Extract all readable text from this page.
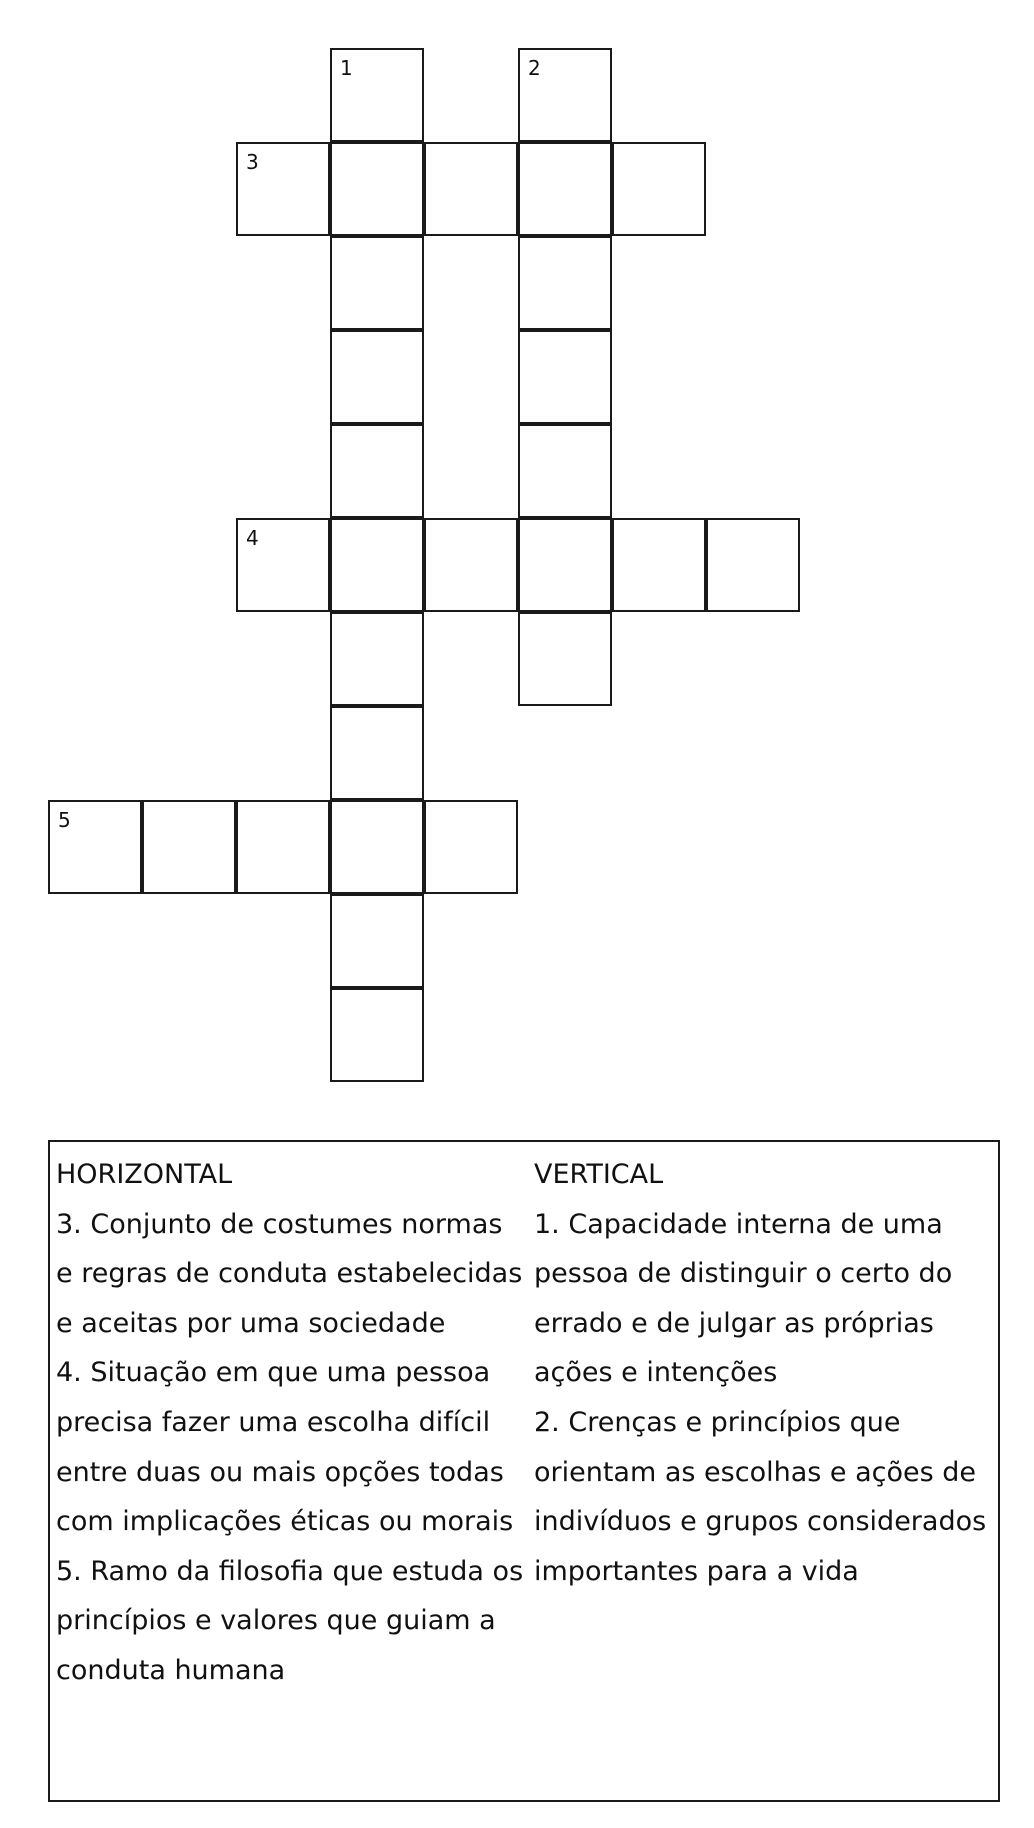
1	2
3
4
5
HORIZONTAL

3. Conjunto de costumes normas e regras de conduta estabelecidas e aceitas por uma sociedade

4. Situação em que uma pessoa precisa fazer uma escolha difícil entre duas ou mais opções todas com implicações éticas ou morais

5. Ramo da filosofia que estuda os princípios e valores que guiam a conduta humana

VERTICAL

1. Capacidade interna de uma pessoa de distinguir o certo do errado e de julgar as próprias ações e intenções

2. Crenças e princípios que orientam as escolhas e ações de indivíduos e grupos considerados importantes para a vida
